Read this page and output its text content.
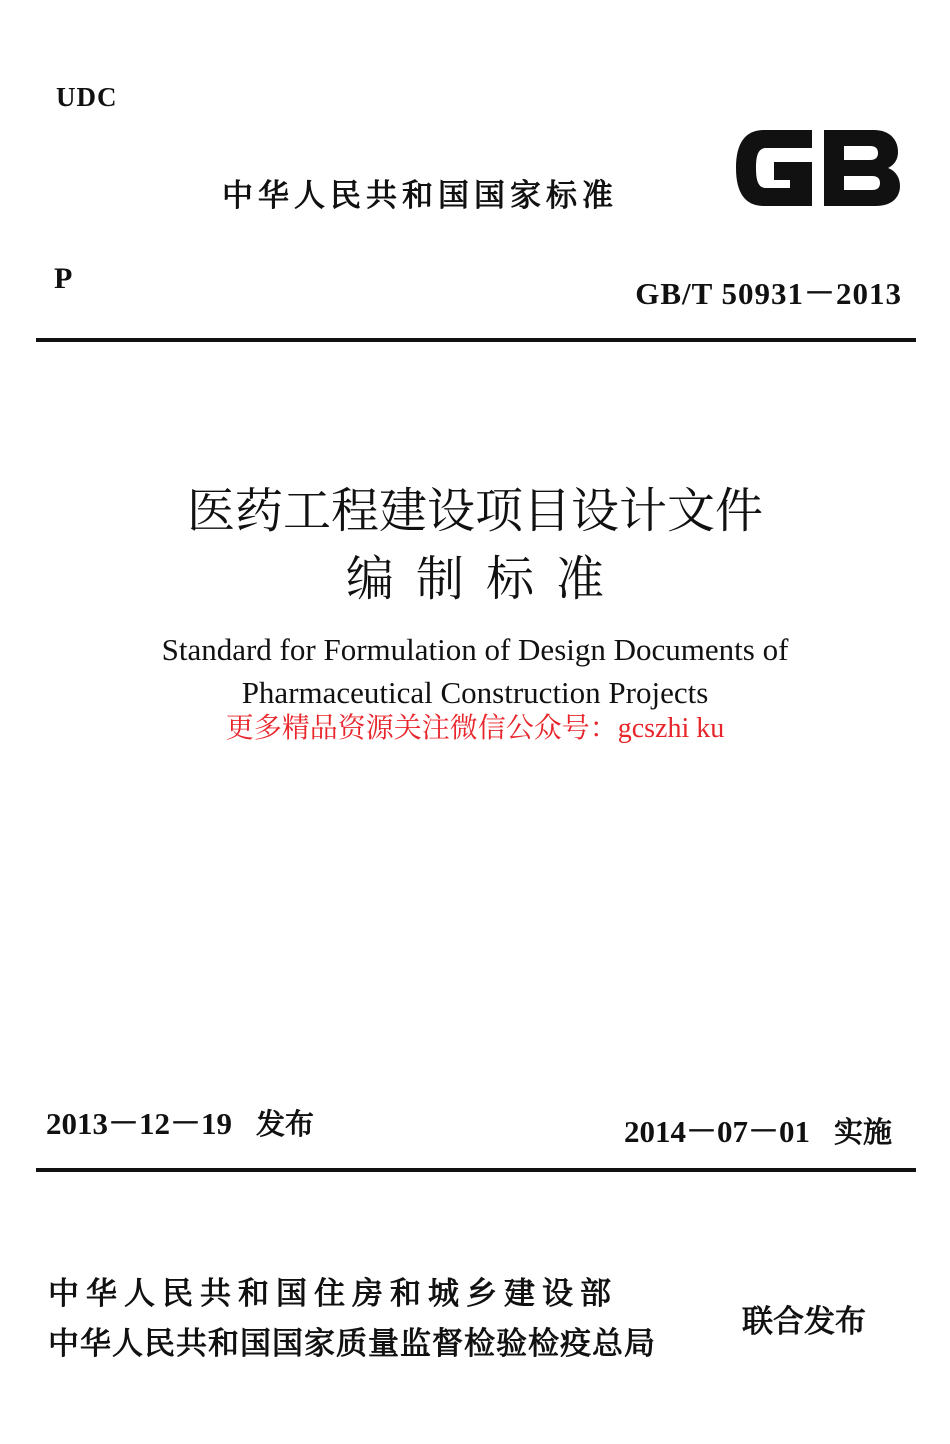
UDC
中华人民共和国国家标准
P	GB/T 50931－2013
医药工程建设项目设计文件
编制标准
Standard for Formulation of Design Documents of
Pharmaceutical Construction Projects
更多精品资源关注微信公众号：gcszhi ku
2013－12－19 发布	2014－07－01 实施
中华人民共和国住房和城乡建设部
中华人民共和国国家质量监督检验检疫总局
联合发布
